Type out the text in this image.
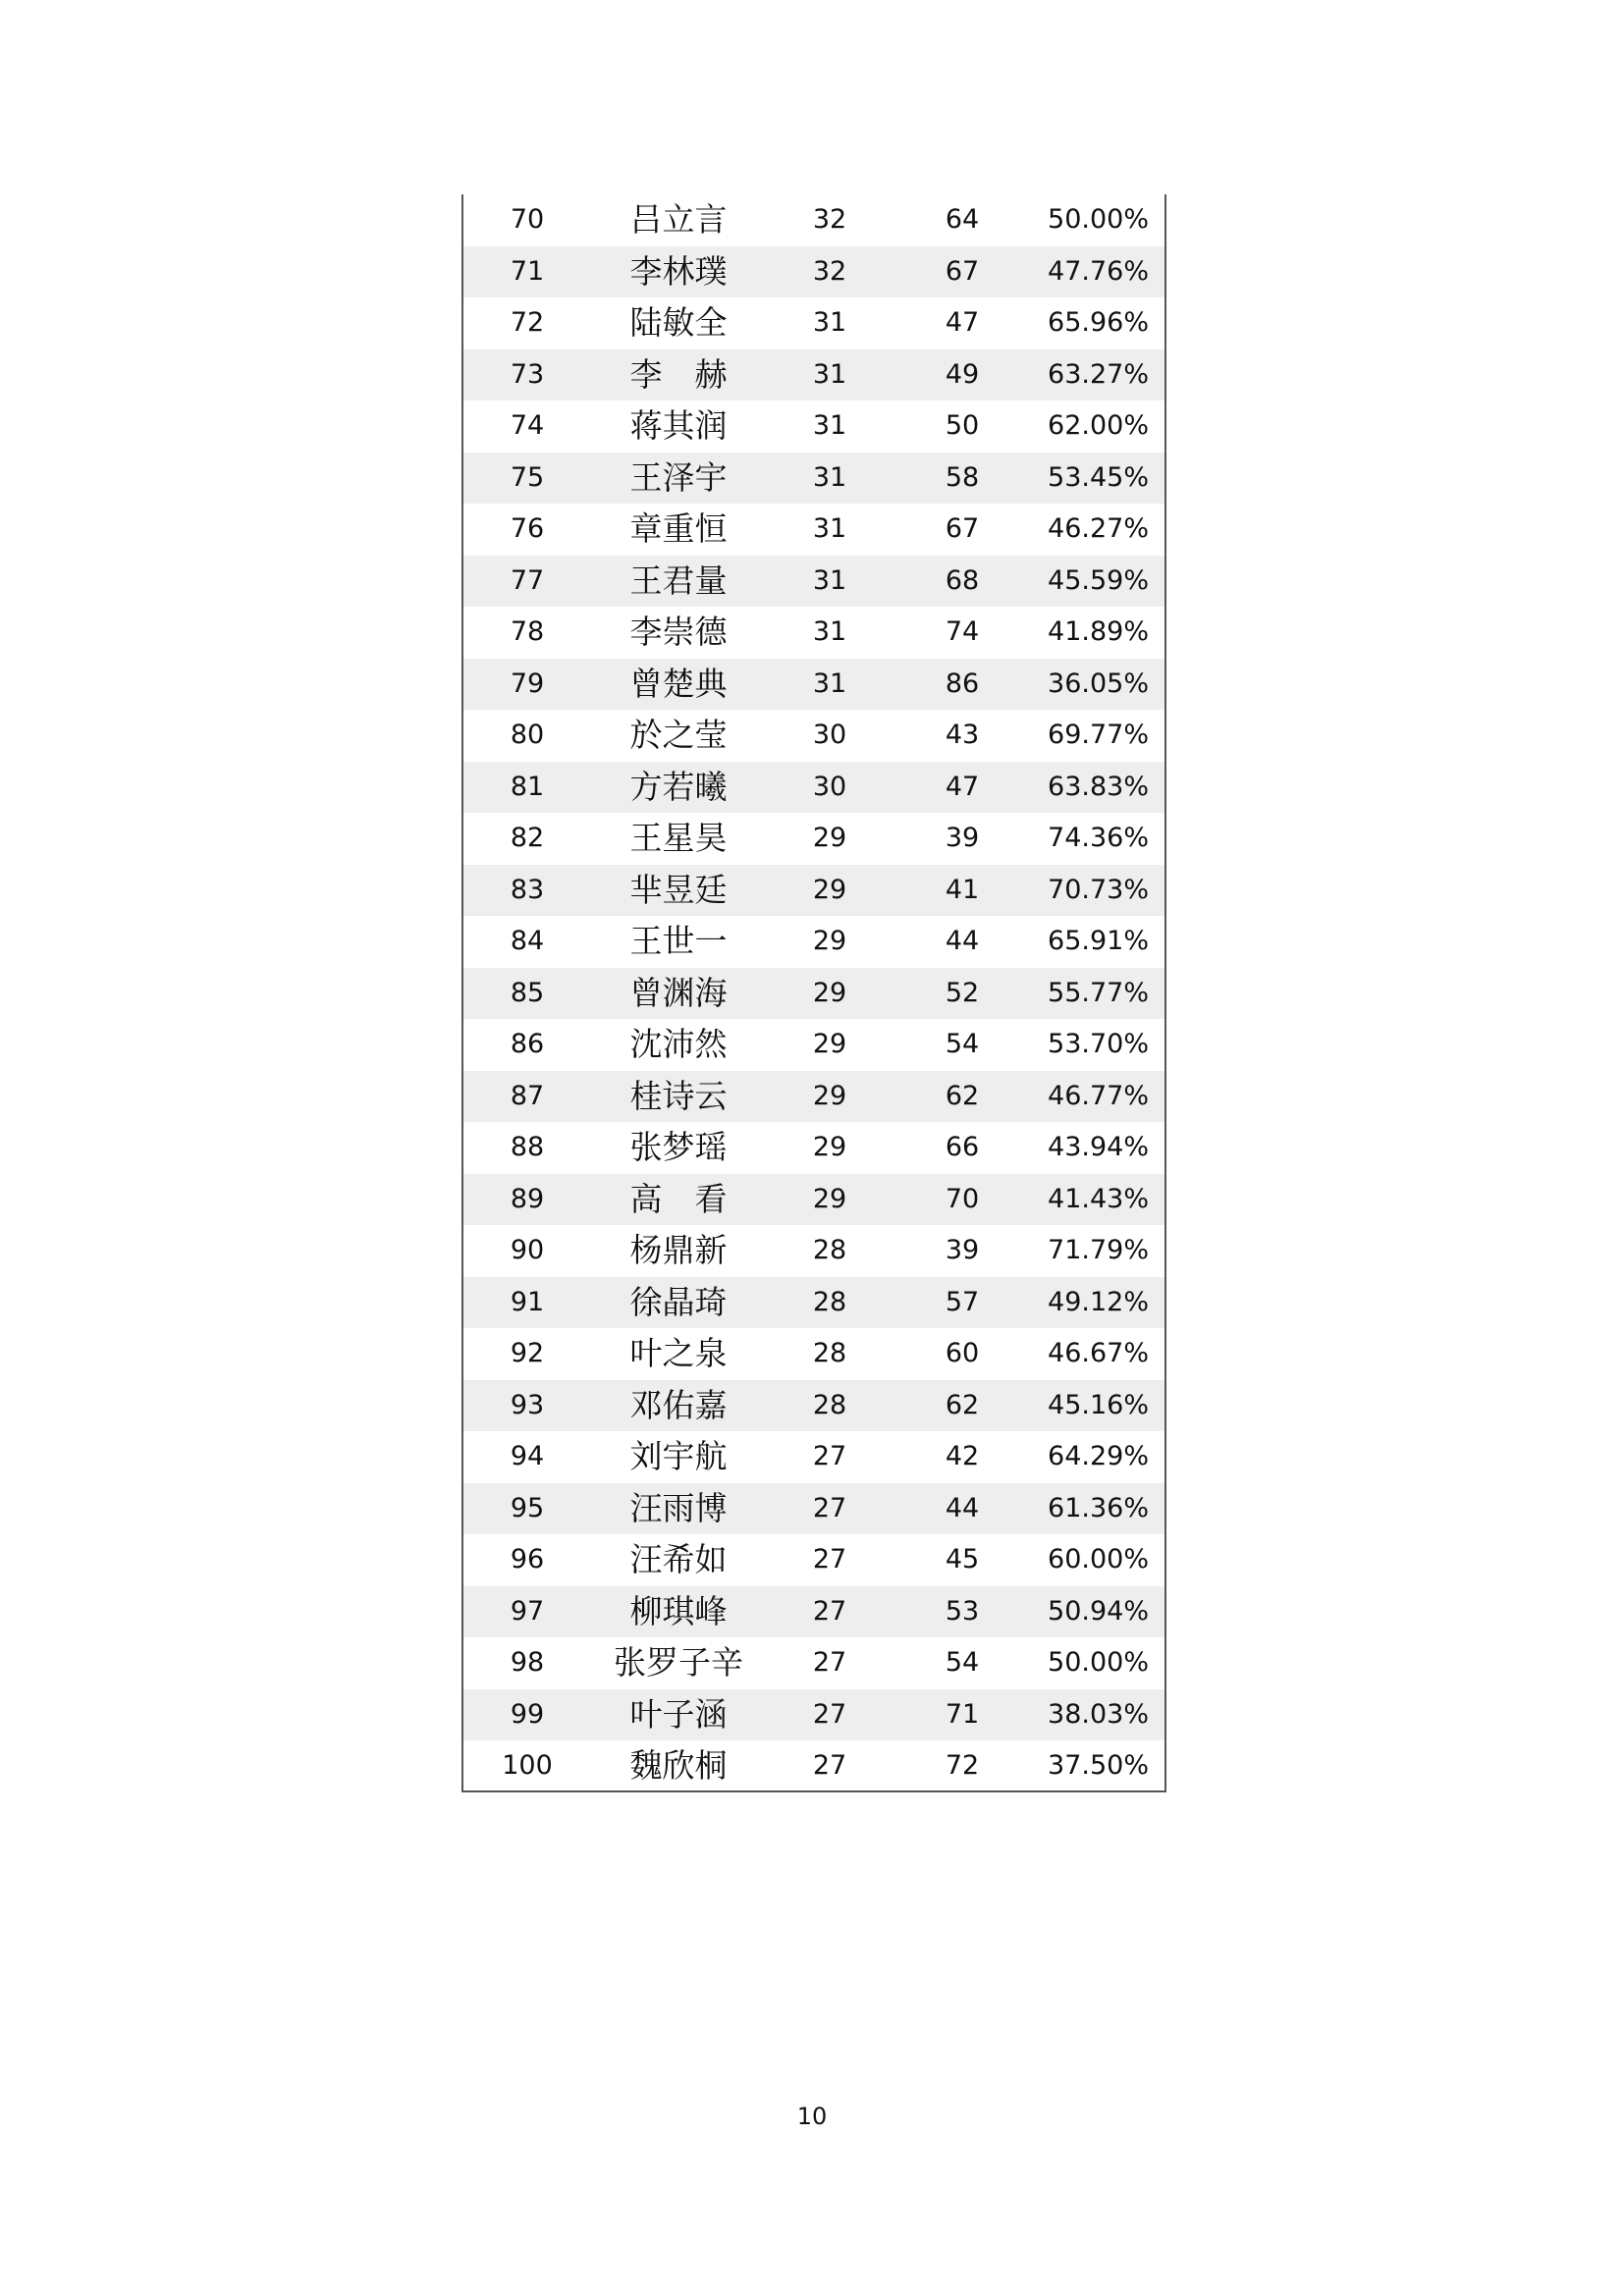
70	吕立言	32	64	50.00%
71	李林璞	32	67	47.76%
72	陆敏全	31	47	65.96%
73	李　赫	31	49	63.27%
74	蒋其润	31	50	62.00%
75	王泽宇	31	58	53.45%
76	章重恒	31	67	46.27%
77	王君量	31	68	45.59%
78	李崇德	31	74	41.89%
79	曾楚典	31	86	36.05%
80	於之莹	30	43	69.77%
81	方若曦	30	47	63.83%
82	王星昊	29	39	74.36%
83	芈昱廷	29	41	70.73%
84	王世一	29	44	65.91%
85	曾渊海	29	52	55.77%
86	沈沛然	29	54	53.70%
87	桂诗云	29	62	46.77%
88	张梦瑶	29	66	43.94%
89	高　看	29	70	41.43%
90	杨鼎新	28	39	71.79%
91	徐晶琦	28	57	49.12%
92	叶之泉	28	60	46.67%
93	邓佑嘉	28	62	45.16%
94	刘宇航	27	42	64.29%
95	汪雨博	27	44	61.36%
96	汪希如	27	45	60.00%
97	柳琪峰	27	53	50.94%
98	张罗子辛	27	54	50.00%
99	叶子涵	27	71	38.03%
100	魏欣桐	27	72	37.50%
10
